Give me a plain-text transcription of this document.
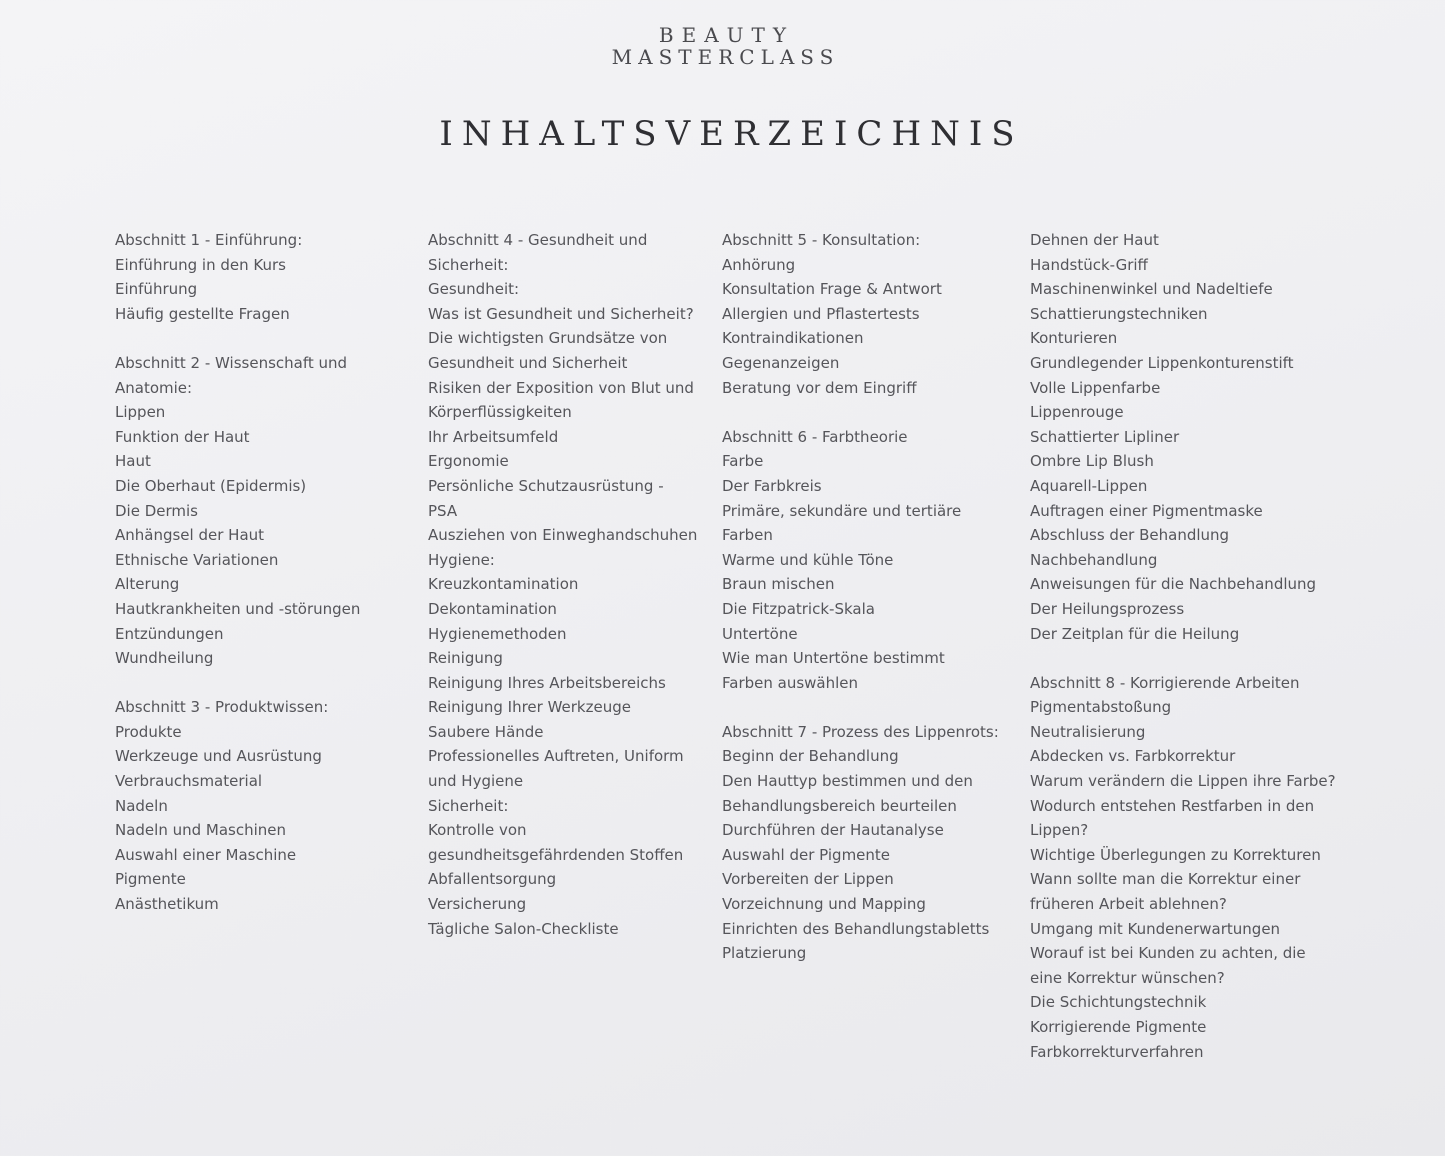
BEAUTY
MASTERCLASS
INHALTSVERZEICHNIS
Abschnitt 1 - Einführung:
Einführung in den Kurs
Einführung
Häufig gestellte Fragen
Abschnitt 2 - Wissenschaft und
Anatomie:
Lippen
Funktion der Haut
Haut
Die Oberhaut (Epidermis)
Die Dermis
Anhängsel der Haut
Ethnische Variationen
Alterung
Hautkrankheiten und -störungen
Entzündungen
Wundheilung
Abschnitt 3 - Produktwissen:
Produkte
Werkzeuge und Ausrüstung
Verbrauchsmaterial
Nadeln
Nadeln und Maschinen
Auswahl einer Maschine
Pigmente
Anästhetikum
Abschnitt 4 - Gesundheit und
Sicherheit:
Gesundheit:
Was ist Gesundheit und Sicherheit?
Die wichtigsten Grundsätze von
Gesundheit und Sicherheit
Risiken der Exposition von Blut und
Körperflüssigkeiten
Ihr Arbeitsumfeld
Ergonomie
Persönliche Schutzausrüstung -
PSA
Ausziehen von Einweghandschuhen
Hygiene:
Kreuzkontamination
Dekontamination
Hygienemethoden
Reinigung
Reinigung Ihres Arbeitsbereichs
Reinigung Ihrer Werkzeuge
Saubere Hände
Professionelles Auftreten, Uniform
und Hygiene
Sicherheit:
Kontrolle von
gesundheitsgefährdenden Stoffen
Abfallentsorgung
Versicherung
Tägliche Salon-Checkliste
Abschnitt 5 - Konsultation:
Anhörung
Konsultation Frage & Antwort
Allergien und Pflastertests
Kontraindikationen
Gegenanzeigen
Beratung vor dem Eingriff
Abschnitt 6 - Farbtheorie
Farbe
Der Farbkreis
Primäre, sekundäre und tertiäre
Farben
Warme und kühle Töne
Braun mischen
Die Fitzpatrick-Skala
Untertöne
Wie man Untertöne bestimmt
Farben auswählen
Abschnitt 7 - Prozess des Lippenrots:
Beginn der Behandlung
Den Hauttyp bestimmen und den
Behandlungsbereich beurteilen
Durchführen der Hautanalyse
Auswahl der Pigmente
Vorbereiten der Lippen
Vorzeichnung und Mapping
Einrichten des Behandlungstabletts
Platzierung
Dehnen der Haut
Handstück-Griff
Maschinenwinkel und Nadeltiefe
Schattierungstechniken
Konturieren
Grundlegender Lippenkonturenstift
Volle Lippenfarbe
Lippenrouge
Schattierter Lipliner
Ombre Lip Blush
Aquarell-Lippen
Auftragen einer Pigmentmaske
Abschluss der Behandlung
Nachbehandlung
Anweisungen für die Nachbehandlung
Der Heilungsprozess
Der Zeitplan für die Heilung
Abschnitt 8 - Korrigierende Arbeiten
Pigmentabstoßung
Neutralisierung
Abdecken vs. Farbkorrektur
Warum verändern die Lippen ihre Farbe?
Wodurch entstehen Restfarben in den
Lippen?
Wichtige Überlegungen zu Korrekturen
Wann sollte man die Korrektur einer
früheren Arbeit ablehnen?
Umgang mit Kundenerwartungen
Worauf ist bei Kunden zu achten, die
eine Korrektur wünschen?
Die Schichtungstechnik
Korrigierende Pigmente
Farbkorrekturverfahren
